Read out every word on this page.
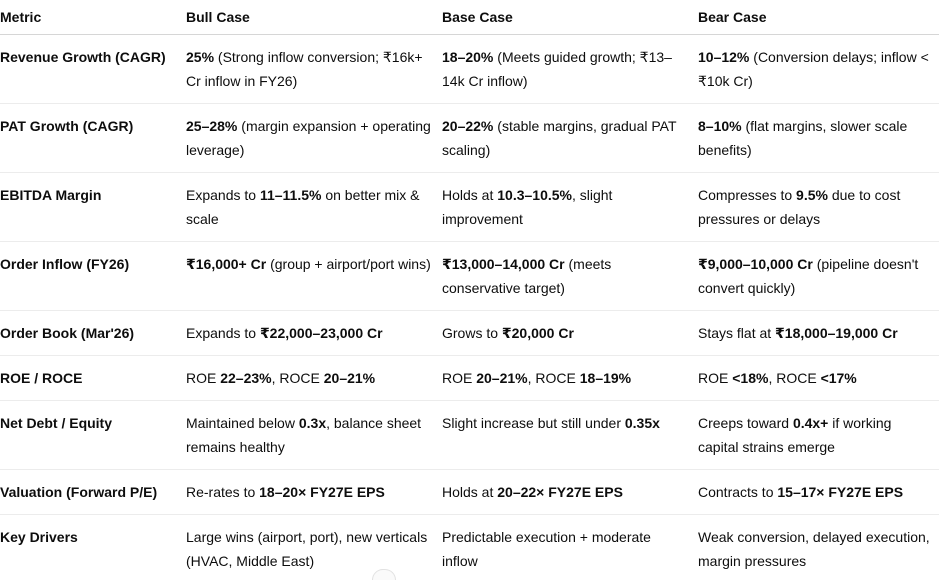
Metric	Bull Case	Base Case	Bear Case
Revenue Growth (CAGR)	25% (Strong inflow conversion; ₹16k+ Cr inflow in FY26)	18–20% (Meets guided growth; ₹13–14k Cr inflow)	10–12% (Conversion delays; inflow < ₹10k Cr)
PAT Growth (CAGR)	25–28% (margin expansion + operating leverage)	20–22% (stable margins, gradual PAT scaling)	8–10% (flat margins, slower scale benefits)
EBITDA Margin	Expands to 11–11.5% on better mix & scale	Holds at 10.3–10.5%, slight improvement	Compresses to 9.5% due to cost pressures or delays
Order Inflow (FY26)	₹16,000+ Cr (group + airport/port wins)	₹13,000–14,000 Cr (meets conservative target)	₹9,000–10,000 Cr (pipeline doesn't convert quickly)
Order Book (Mar'26)	Expands to ₹22,000–23,000 Cr	Grows to ₹20,000 Cr	Stays flat at ₹18,000–19,000 Cr
ROE / ROCE	ROE 22–23%, ROCE 20–21%	ROE 20–21%, ROCE 18–19%	ROE <18%, ROCE <17%
Net Debt / Equity	Maintained below 0.3x, balance sheet remains healthy	Slight increase but still under 0.35x	Creeps toward 0.4x+ if working capital strains emerge
Valuation (Forward P/E)	Re-rates to 18–20× FY27E EPS	Holds at 20–22× FY27E EPS	Contracts to 15–17× FY27E EPS
Key Drivers	Large wins (airport, port), new verticals (HVAC, Middle East)	Predictable execution + moderate inflow	Weak conversion, delayed execution, margin pressures
